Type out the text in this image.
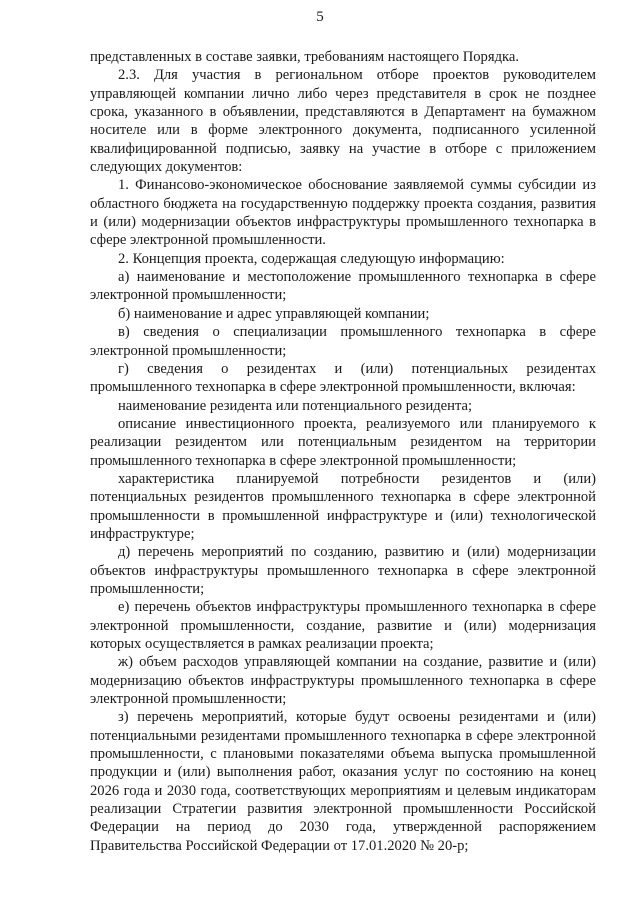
5

представленных в составе заявки, требованиям настоящего Порядка.

2.3. Для участия в региональном отборе проектов руководителем управляющей компании лично либо через представителя в срок не позднее срока, указанного в объявлении, представляются в Департамент на бумажном носителе или в форме электронного документа, подписанного усиленной квалифицированной подписью, заявку на участие в отборе с приложением следующих документов:

1. Финансово-экономическое обоснование заявляемой суммы субсидии из областного бюджета на государственную поддержку проекта создания, развития и (или) модернизации объектов инфраструктуры промышленного технопарка в сфере электронной промышленности.

2. Концепция проекта, содержащая следующую информацию:

а) наименование и местоположение промышленного технопарка в сфере электронной промышленности;

б) наименование и адрес управляющей компании;

в) сведения о специализации промышленного технопарка в сфере электронной промышленности;

г) сведения о резидентах и (или) потенциальных резидентах промышленного технопарка в сфере электронной промышленности, включая:

наименование резидента или потенциального резидента;

описание инвестиционного проекта, реализуемого или планируемого к реализации резидентом или потенциальным резидентом на территории промышленного технопарка в сфере электронной промышленности;

характеристика планируемой потребности резидентов и (или) потенциальных резидентов промышленного технопарка в сфере электронной промышленности в промышленной инфраструктуре и (или) технологической инфраструктуре;

д) перечень мероприятий по созданию, развитию и (или) модернизации объектов инфраструктуры промышленного технопарка в сфере электронной промышленности;

е) перечень объектов инфраструктуры промышленного технопарка в сфере электронной промышленности, создание, развитие и (или) модернизация которых осуществляется в рамках реализации проекта;

ж) объем расходов управляющей компании на создание, развитие и (или) модернизацию объектов инфраструктуры промышленного технопарка в сфере электронной промышленности;

з) перечень мероприятий, которые будут освоены резидентами и (или) потенциальными резидентами промышленного технопарка в сфере электронной промышленности, с плановыми показателями объема выпуска промышленной продукции и (или) выполнения работ, оказания услуг по состоянию на конец 2026 года и 2030 года, соответствующих мероприятиям и целевым индикаторам реализации Стратегии развития электронной промышленности Российской Федерации на период до 2030 года, утвержденной распоряжением Правительства Российской Федерации от 17.01.2020 № 20-р;
